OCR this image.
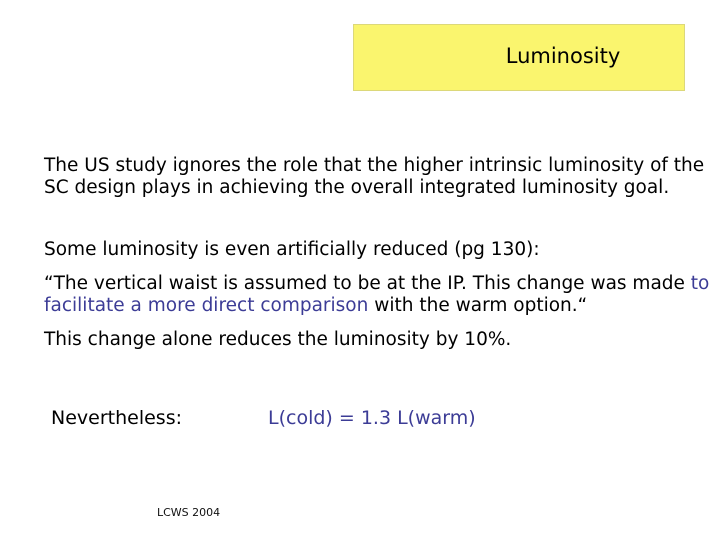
Luminosity
The US study ignores the role that the higher intrinsic luminosity of the SC design plays in achieving the overall integrated luminosity goal.
Some luminosity is even artificially reduced (pg 130):
“The vertical waist is assumed to be at the IP. This change was made to facilitate a more direct comparison with the warm option.“
This change alone reduces the luminosity by 10%.
Nevertheless:	L(cold) = 1.3 L(warm)
LCWS 2004
